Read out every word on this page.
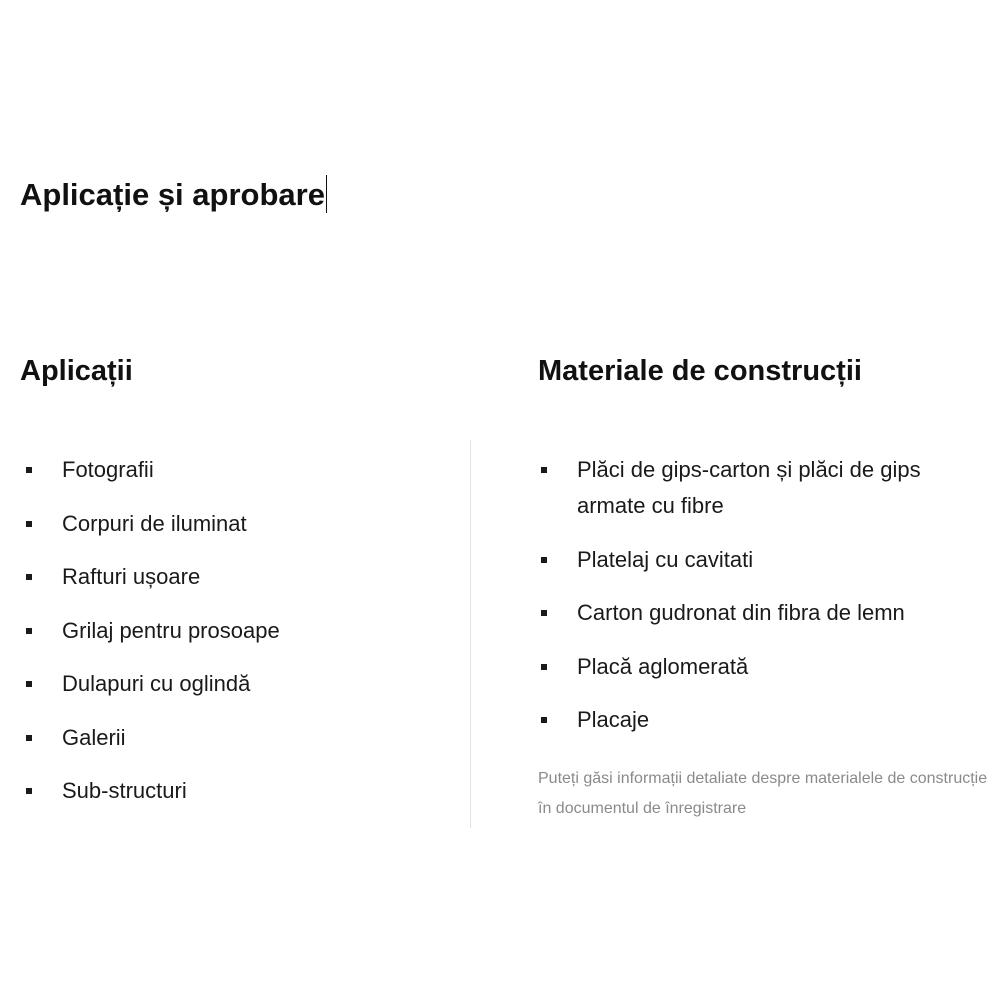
Aplicație și aprobare
Aplicații	Materiale de construcții
Fotografii
Corpuri de iluminat
Rafturi ușoare
Grilaj pentru prosoape
Dulapuri cu oglindă
Galerii
Sub-structuri
Plăci de gips-carton și plăci de gips armate cu fibre
Platelaj cu cavitati
Carton gudronat din fibra de lemn
Placă aglomerată
Placaje

Puteți găsi informații detaliate despre materialele de construcție în documentul de înregistrare
